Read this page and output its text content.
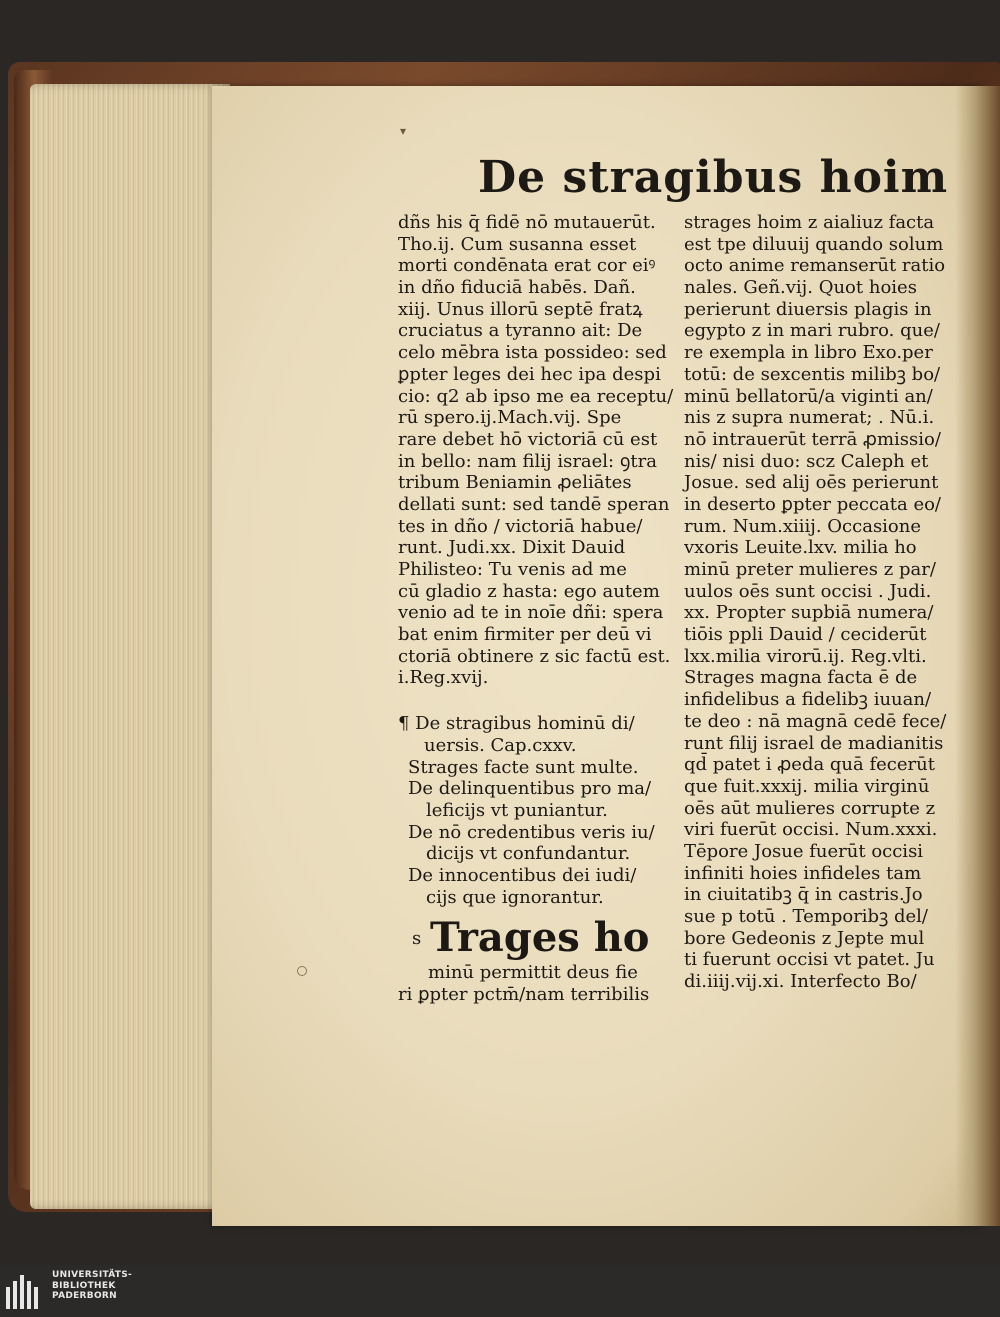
▾
De stragibus hoim
dñs his q̄ fidē nō mutauerūt.
Tho.ij. Cum susanna esset
morti condēnata erat cor eiꝰ
in dño fiduciā habēs. Dañ.
xiij. Unus illorū septē fratꝝ
cruciatus a tyranno ait: De
celo mēbra ista possideo: sed
ꝑpter leges dei hec ipa despi
cio: q2 ab ipso me ea receptu/
rū spero.ij.Mach.vij. Spe
rare debet hō victoriā cū est
in bello: nam filij israel: ꝯtra
tribum Beniamin ꝓeliātes
dellati sunt: sed tandē speran
tes in dño / victoriā habue/
runt. Judi.xx. Dixit Dauid
Philisteo: Tu venis ad me
cū gladio z hasta: ego autem
venio ad te in noīe dñi: spera
bat enim firmiter per deū vi
ctoriā obtinere z sic factū est.
i.Reg.xvij.
¶ De stragibus hominū di/
uersis. Cap.cxxv.
Strages facte sunt multe.
De delinquentibus pro ma/
leficijs vt puniantur.
De nō credentibus veris iu/
dicijs vt confundantur.
De innocentibus dei iudi/
cijs que ignorantur.
s Trages ho
minū permittit deus fie
ri ꝑpter pctm̄/nam terribilis
strages hoim z aialiuz facta
est tpe diluuij quando solum
octo anime remanserūt ratio
nales. Geñ.vij. Quot hoies
perierunt diuersis plagis in
egypto z in mari rubro. que/
re exempla in libro Exo.per
totū: de sexcentis milibꝫ bo/
minū bellatorū/a viginti an/
nis z supra numerat; . Nū.i.
nō intrauerūt terrā ꝓmissio/
nis/ nisi duo: scz Caleph et
Josue. sed alij oēs perierunt
in deserto ꝑpter peccata eo/
rum. Num.xiiij. Occasione
vxoris Leuite.lxv. milia ho
minū preter mulieres z par/
uulos oēs sunt occisi . Judi.
xx. Propter supbiā numera/
tiōis ppli Dauid / ceciderūt
lxx.milia virorū.ij. Reg.vlti.
Strages magna facta ē de
infidelibus a fidelibꝫ iuuan/
te deo : nā magnā cedē fece/
runt filij israel de madianitis
qd̄ patet i ꝓeda quā fecerūt
que fuit.xxxij. milia virginū
oēs aūt mulieres corrupte z
viri fuerūt occisi. Num.xxxi.
Tēpore Josue fuerūt occisi
infiniti hoies infideles tam
in ciuitatibꝫ q̄ in castris.Jo
sue p totū . Temporibꝫ del/
bore Gedeonis z Jepte mul
ti fuerunt occisi vt patet. Ju
di.iiij.vij.xi. Interfecto Bo/
UNIVERSITÄTS-
BIBLIOTHEK
PADERBORN
